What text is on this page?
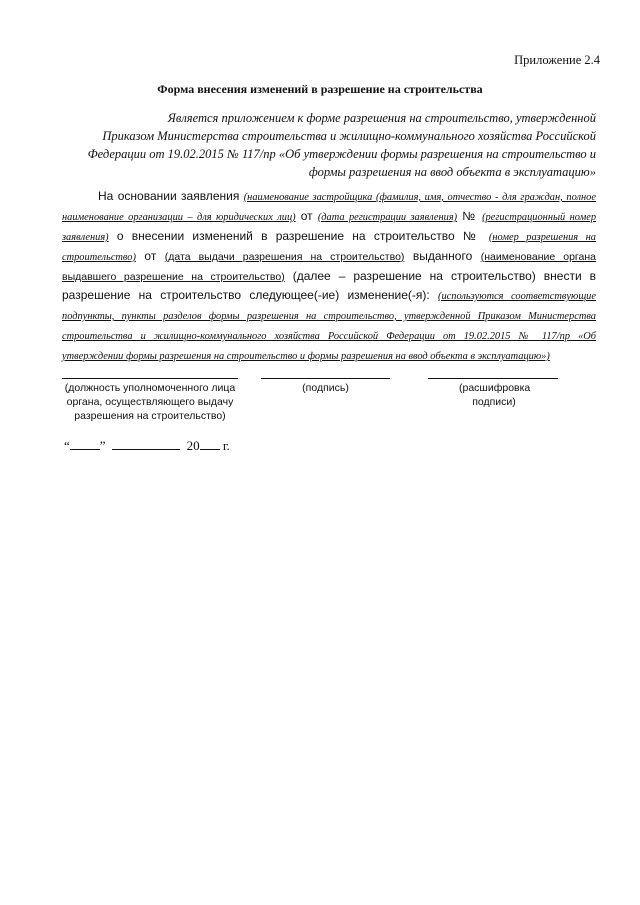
Приложение 2.4
Форма внесения изменений в разрешение на строительства
Является приложением к форме разрешения на строительство, утвержденной
Приказом Министерства строительства и жилищно-коммунального хозяйства Российской
Федерации от 19.02.2015 № 117/пр «Об утверждении формы разрешения на строительство и
формы разрешения на ввод объекта в эксплуатацию»
На основании заявления (наименование застройщика (фамилия, имя, отчество - для граждан, полное наименование организации – для юридических лиц) от (дата регистрации заявления) № (регистрационный номер заявления) о внесении изменений в разрешение на строительство № (номер разрешения на строительство) от (дата выдачи разрешения на строительство) выданного (наименование органа выдавшего разрешение на строительство) (далее – разрешение на строительство) внести в разрешение на строительство следующее(-ие) изменение(-я): (используются соответствующие подпункты, пункты разделов формы разрешения на строительство, утвержденной Приказом Министерства строительства и жилищно-коммунального хозяйства Российской Федерации от 19.02.2015 № 117/пр «Об утверждении формы разрешения на строительство и формы разрешения на ввод объекта в эксплуатацию»)
(должность уполномоченного лица органа, осуществляющего выдачу разрешения на строительство)
(подпись)	(расшифровка подписи)
“ ”	20 г.
